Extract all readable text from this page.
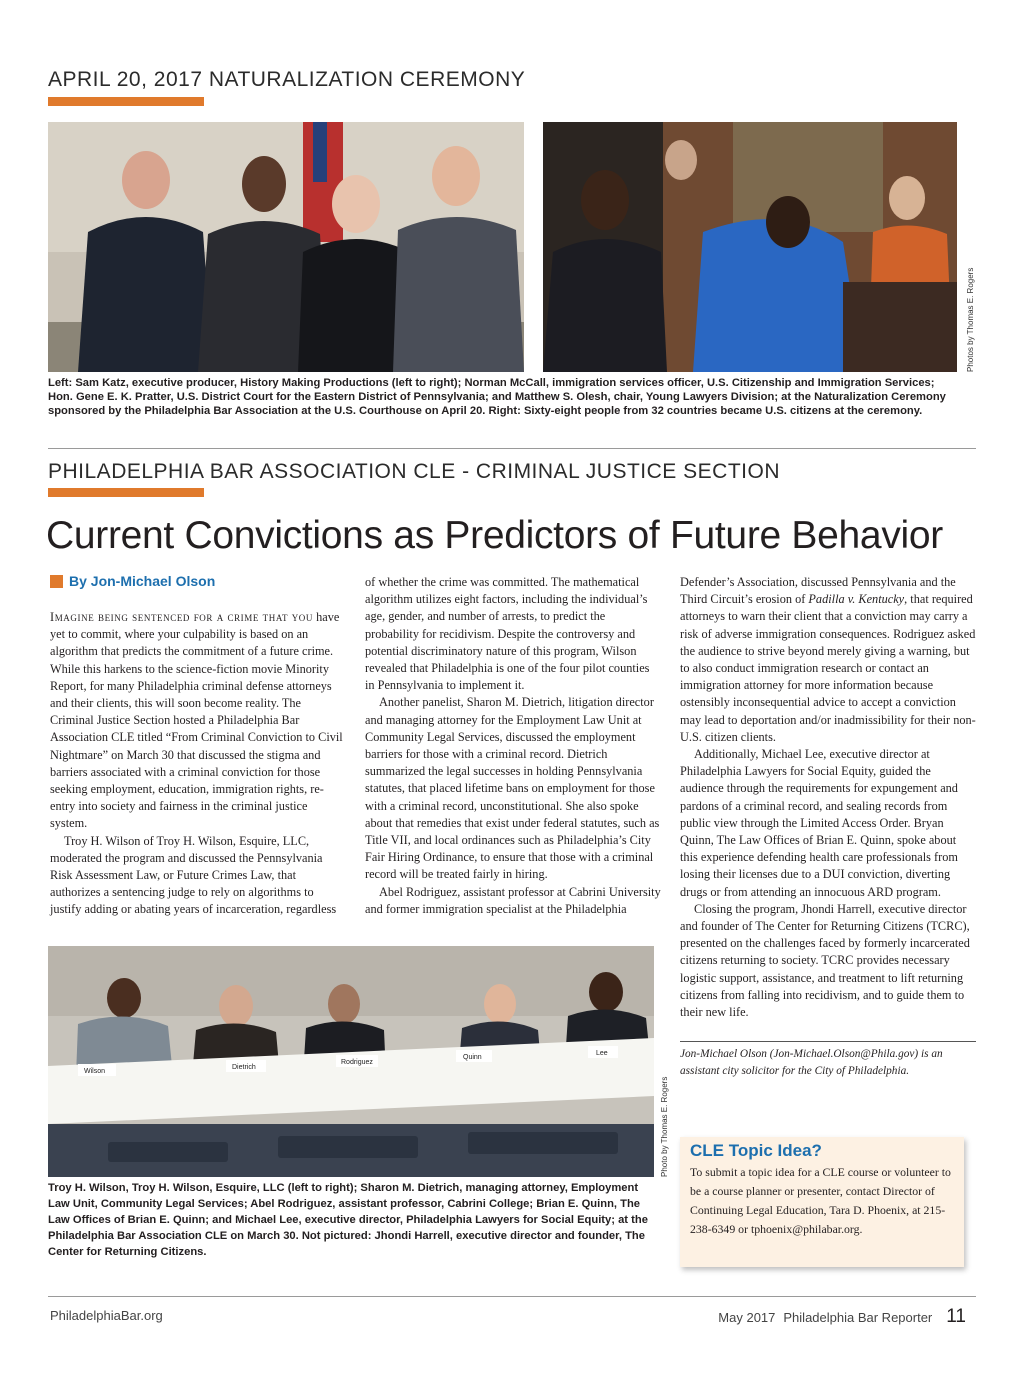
APRIL 20, 2017 NATURALIZATION CEREMONY
Photos by Thomas E. Rogers
Left: Sam Katz, executive producer, History Making Productions (left to right); Norman McCall, immigration services officer, U.S. Citizenship and Immigration Services; Hon. Gene E. K. Pratter, U.S. District Court for the Eastern District of Pennsylvania; and Matthew S. Olesh, chair, Young Lawyers Division; at the Naturalization Ceremony sponsored by the Philadelphia Bar Association at the U.S. Courthouse on April 20. Right: Sixty-eight people from 32 countries became U.S. citizens at the ceremony.
PHILADELPHIA BAR ASSOCIATION CLE - CRIMINAL JUSTICE SECTION
Current Convictions as Predictors of Future Behavior
By Jon-Michael Olson

Imagine being sentenced for a crime that you have yet to commit, where your culpability is based on an algorithm that predicts the commitment of a future crime. While this harkens to the science-fiction movie Minority Report, for many Philadelphia criminal defense attorneys and their clients, this will soon become reality. The Criminal Justice Section hosted a Philadelphia Bar Association CLE titled “From Criminal Conviction to Civil Nightmare” on March 30 that discussed the stigma and barriers associated with a criminal conviction for those seeking employment, education, immigration rights, re-entry into society and fairness in the criminal justice system.

Troy H. Wilson of Troy H. Wilson, Esquire, LLC, moderated the program and discussed the Pennsylvania Risk Assessment Law, or Future Crimes Law, that authorizes a sentencing judge to rely on algorithms to justify adding or abating years of incarceration, regardless

of whether the crime was committed. The mathematical algorithm utilizes eight factors, including the individual’s age, gender, and number of arrests, to predict the probability for recidivism. Despite the controversy and potential discriminatory nature of this program, Wilson revealed that Philadelphia is one of the four pilot counties in Pennsylvania to implement it.

Another panelist, Sharon M. Dietrich, litigation director and managing attorney for the Employment Law Unit at Community Legal Services, discussed the employment barriers for those with a criminal record. Dietrich summarized the legal successes in holding Pennsylvania statutes, that placed lifetime bans on employment for those with a criminal record, unconstitutional. She also spoke about that remedies that exist under federal statutes, such as Title VII, and local ordinances such as Philadelphia’s City Fair Hiring Ordinance, to ensure that those with a criminal record will be treated fairly in hiring.

Abel Rodriguez, assistant professor at Cabrini University and former immigration specialist at the Philadelphia

Defender’s Association, discussed Pennsylvania and the Third Circuit’s erosion of Padilla v. Kentucky, that required attorneys to warn their client that a conviction may carry a risk of adverse immigration consequences. Rodriguez asked the audience to strive beyond merely giving a warning, but to also conduct immigration research or contact an immigration attorney for more information because ostensibly inconsequential advice to accept a conviction may lead to deportation and/or inadmissibility for their non-U.S. citizen clients.

Additionally, Michael Lee, executive director at Philadelphia Lawyers for Social Equity, guided the audience through the requirements for expungement and pardons of a criminal record, and sealing records from public view through the Limited Access Order. Bryan Quinn, The Law Offices of Brian E. Quinn, spoke about this experience defending health care professionals from losing their licenses due to a DUI conviction, diverting drugs or from attending an innocuous ARD program.

Closing the program, Jhondi Harrell, executive director and founder of The Center for Returning Citizens (TCRC), presented on the challenges faced by formerly incarcerated citizens returning to society. TCRC provides necessary logistic support, assistance, and treatment to lift returning citizens from falling into recidivism, and to guide them to their new life.

Jon-Michael Olson (Jon-Michael.Olson@Phila.gov) is an assistant city solicitor for the City of Philadelphia.
Wilson
Dietrich
Rodriguez
Quinn
Lee
Photo by Thomas E. Rogers
Troy H. Wilson, Troy H. Wilson, Esquire, LLC (left to right); Sharon M. Dietrich, managing attorney, Employment Law Unit, Community Legal Services; Abel Rodriguez, assistant professor, Cabrini College; Brian E. Quinn, The Law Offices of Brian E. Quinn; and Michael Lee, executive director, Philadelphia Lawyers for Social Equity; at the Philadelphia Bar Association CLE on March 30. Not pictured: Jhondi Harrell, executive director and founder, The Center for Returning Citizens.
CLE Topic Idea?
To submit a topic idea for a CLE course or volunteer to be a course planner or presenter, contact Director of Continuing Legal Education, Tara D. Phoenix, at 215-238-6349 or tphoenix@philabar.org.
PhiladelphiaBar.org	May 2017 Philadelphia Bar Reporter 11
